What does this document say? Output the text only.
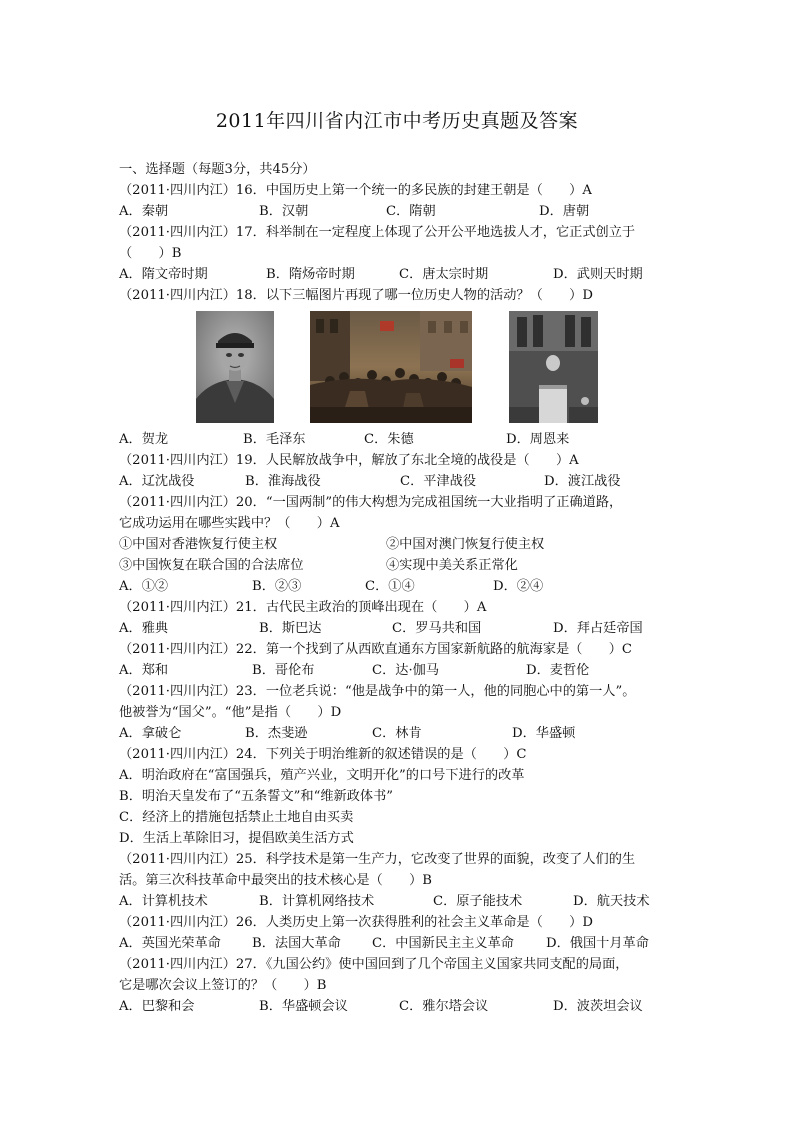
2011年四川省内江市中考历史真题及答案
一、选择题（每题3分，共45分）
（2011·四川内江）16．中国历史上第一个统一的多民族的封建王朝是（　　）A
A．秦朝	B．汉朝	C．隋朝	D．唐朝
（2011·四川内江）17．科举制在一定程度上体现了公开公平地选拔人才，它正式创立于
（　　）B
A．隋文帝时期	B．隋炀帝时期	C．唐太宗时期	D．武则天时期
（2011·四川内江）18．以下三幅图片再现了哪一位历史人物的活动？（　　）D
A．贺龙	B．毛泽东	C．朱德	D．周恩来
（2011·四川内江）19．人民解放战争中，解放了东北全境的战役是（　　）A
A．辽沈战役	B．淮海战役	C．平津战役	D．渡江战役
（2011·四川内江）20．“一国两制”的伟大构想为完成祖国统一大业指明了正确道路，
它成功运用在哪些实践中？（　　）A
①中国对香港恢复行使主权	②中国对澳门恢复行使主权
③中国恢复在联合国的合法席位	④实现中美关系正常化
A．①②	B．②③	C．①④	D．②④
（2011·四川内江）21．古代民主政治的顶峰出现在（　　）A
A．雅典	B．斯巴达	C．罗马共和国	D．拜占廷帝国
（2011·四川内江）22．第一个找到了从西欧直通东方国家新航路的航海家是（　　）C
A．郑和	B．哥伦布	C．达·伽马	D．麦哲伦
（2011·四川内江）23．一位老兵说：“他是战争中的第一人，他的同胞心中的第一人”。
他被誉为“国父”。“他”是指（　　）D
A．拿破仑	B．杰斐逊	C．林肯	D．华盛顿
（2011·四川内江）24．下列关于明治维新的叙述错误的是（　　）C
A．明治政府在“富国强兵，殖产兴业，文明开化”的口号下进行的改革
B．明治天皇发布了“五条誓文”和“维新政体书”
C．经济上的措施包括禁止土地自由买卖
D．生活上革除旧习，提倡欧美生活方式
（2011·四川内江）25．科学技术是第一生产力，它改变了世界的面貌，改变了人们的生
活。第三次科技革命中最突出的技术核心是（　　）B
A．计算机技术	B．计算机网络技术	C．原子能技术	D．航天技术
（2011·四川内江）26．人类历史上第一次获得胜利的社会主义革命是（　　）D
A．英国光荣革命 B．法国大革命 C．中国新民主主义革命 D．俄国十月革命
（2011·四川内江）27．《九国公约》使中国回到了几个帝国主义国家共同支配的局面，
它是哪次会议上签订的？（　　）B
A．巴黎和会	B．华盛顿会议	C．雅尔塔会议	D．波茨坦会议
